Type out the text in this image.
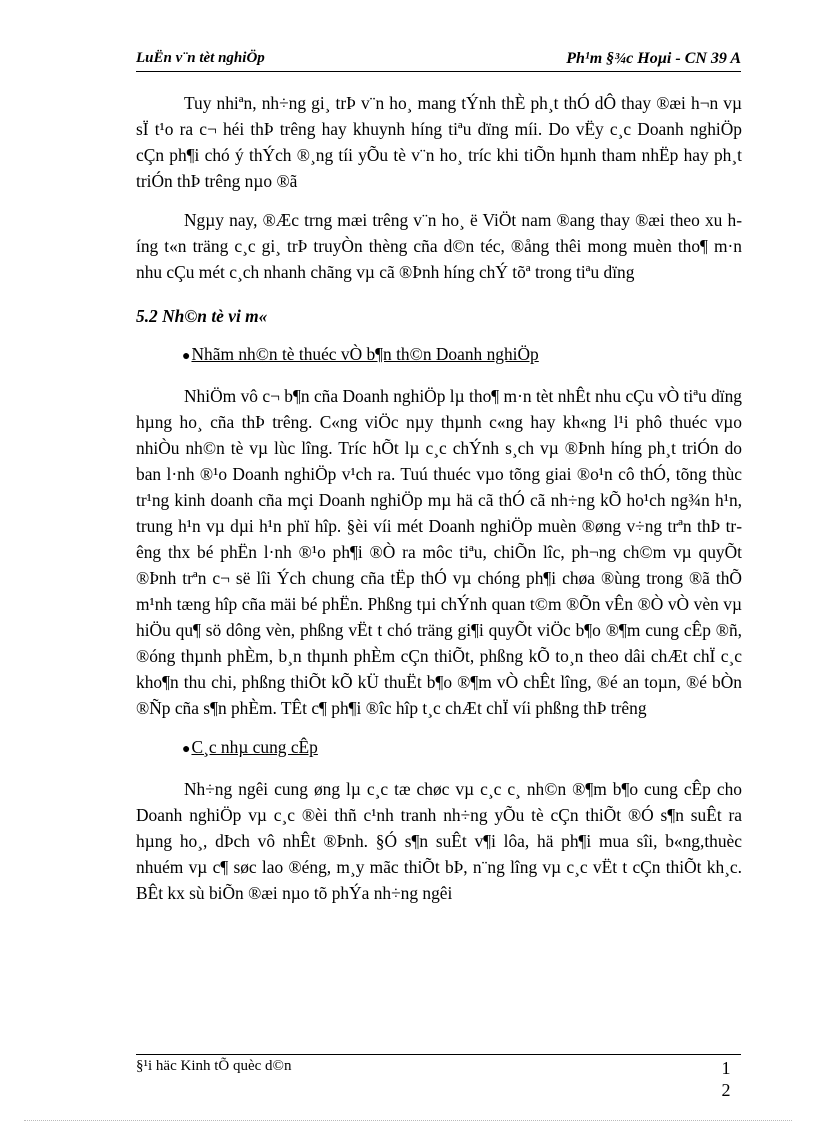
LuËn v¨n tèt nghiÖp	Ph¹m §¾c Hoµi - CN 39 A

Tuy nhiªn, nh÷ng gi¸ trÞ v¨n ho¸ mang tÝnh thÈ ph¸t thÓ dÔ thay ®æi h¬n vµ sÏ t¹o ra c¬ héi thÞ trêng hay khuynh híng tiªu dïng míi. Do vËy c¸c Doanh nghiÖp cÇn ph¶i chó ý thÝch ®¸ng tíi yÕu tè v¨n ho¸ tríc khi tiÕn hµnh tham nhËp hay ph¸t triÓn thÞ trêng nµo ®ã

Ngµy nay, ®Æc trng mæi trêng v¨n ho¸ ë ViÖt nam ®ang thay ®æi theo xu híng t«n träng c¸c gi¸ trÞ truyÒn thèng cña d©n téc, ®ång thêi mong muèn tho¶ m·n nhu cÇu mét c¸ch nhanh chãng vµ cã ®Þnh híng chÝ tõª trong tiªu dïng

5.2 Nh©n tè vi m«
●Nhãm nh©n tè thuéc vÒ b¶n th©n Doanh nghiÖp

NhiÖm vô c¬ b¶n cña Doanh nghiÖp lµ tho¶ m·n tèt nhÊt nhu cÇu vÒ tiªu dïng hµng ho¸ cña thÞ trêng. C«ng viÖc nµy thµnh c«ng hay kh«ng l¹i phô thuéc vµo nhiÒu nh©n tè vµ lùc lîng. Tríc hÕt lµ c¸c chÝnh s¸ch vµ ®Þnh híng ph¸t triÓn do ban l·nh ®¹o Doanh nghiÖp v¹ch ra. Tuú thuéc vµo tõng giai ®o¹n cô thÓ, tõng thùc tr¹ng kinh doanh cña mçi Doanh nghiÖp mµ hä cã thÓ cã nh÷ng kÕ ho¹ch ng¾n h¹n, trung h¹n vµ dµi h¹n phï hîp. §èi víi mét Doanh nghiÖp muèn ®øng v÷ng trªn thÞ trêng thx bé phËn l·nh ®¹o ph¶i ®Ò ra môc tiªu, chiÕn lîc, ph¬ng ch©m vµ quyÕt ®Þnh trªn c¬ së lîi Ých chung cña tËp thÓ vµ chóng ph¶i chøa ®ùng trong ®ã thÕ m¹nh tæng hîp cña mäi bé phËn. Phßng tµi chÝnh quan t©m ®Õn vÊn ®Ò vÒ vèn vµ hiÖu qu¶ sö dông vèn, phßng vËt t chó träng gi¶i quyÕt viÖc b¶o ®¶m cung cÊp ®ñ, ®óng thµnh phÈm, b¸n thµnh phÈm cÇn thiÕt, phßng kÕ to¸n theo dâi chÆt chÏ c¸c kho¶n thu chi, phßng thiÕt kÕ kÜ thuËt b¶o ®¶m vÒ chÊt lîng, ®é an toµn, ®é bÒn ®Ñp cña s¶n phÈm. TÊt c¶ ph¶i ®îc hîp t¸c chÆt chÏ víi phßng thÞ trêng

●C¸c nhµ cung cÊp

Nh÷ng ngêi cung øng lµ c¸c tæ chøc vµ c¸c c¸ nh©n ®¶m b¶o cung cÊp cho Doanh nghiÖp vµ c¸c ®èi thñ c¹nh tranh nh÷ng yÕu tè cÇn thiÕt ®Ó s¶n suÊt ra hµng ho¸, dÞch vô nhÊt ®Þnh. §Ó s¶n suÊt v¶i lôa, hä ph¶i mua sîi, b«ng,thuèc nhuém vµ c¶ søc lao ®éng, m¸y mãc thiÕt bÞ, n¨ng lîng vµ c¸c vËt t cÇn thiÕt kh¸c. BÊt kx sù biÕn ®æi nµo tõ phÝa nh÷ng ngêi

§¹i häc Kinh tÕ quèc d©n	1
2
